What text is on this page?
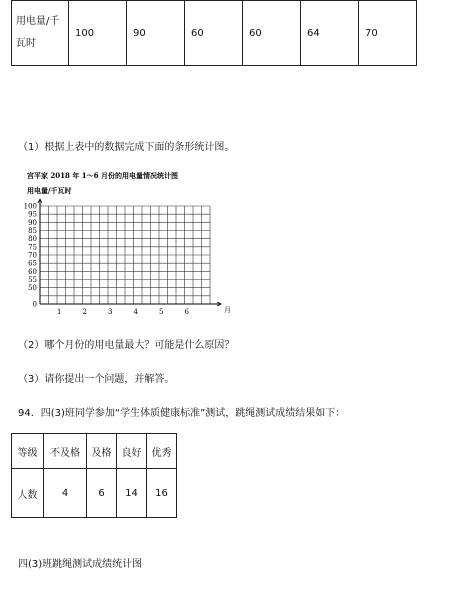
用电量/千
瓦时	100	90	60	60	64	70
（1）根据上表中的数据完成下面的条形统计图。
宫平家 2018 年 1～6 月份的用电量情况统计图
用电量/千瓦时
100
95
90
85
80
75
70
65
60
55
50
0
1	2	3	4	5	6	月
（2）哪个月份的用电量最大？可能是什么原因？
（3）请你提出一个问题，并解答。
94．四(3)班同学参加“学生体质健康标准”测试，跳绳测试成绩结果如下：
等级	不及格	及格	良好	优秀
人数	4	6	14	16
四(3)班跳绳测试成绩统计图
